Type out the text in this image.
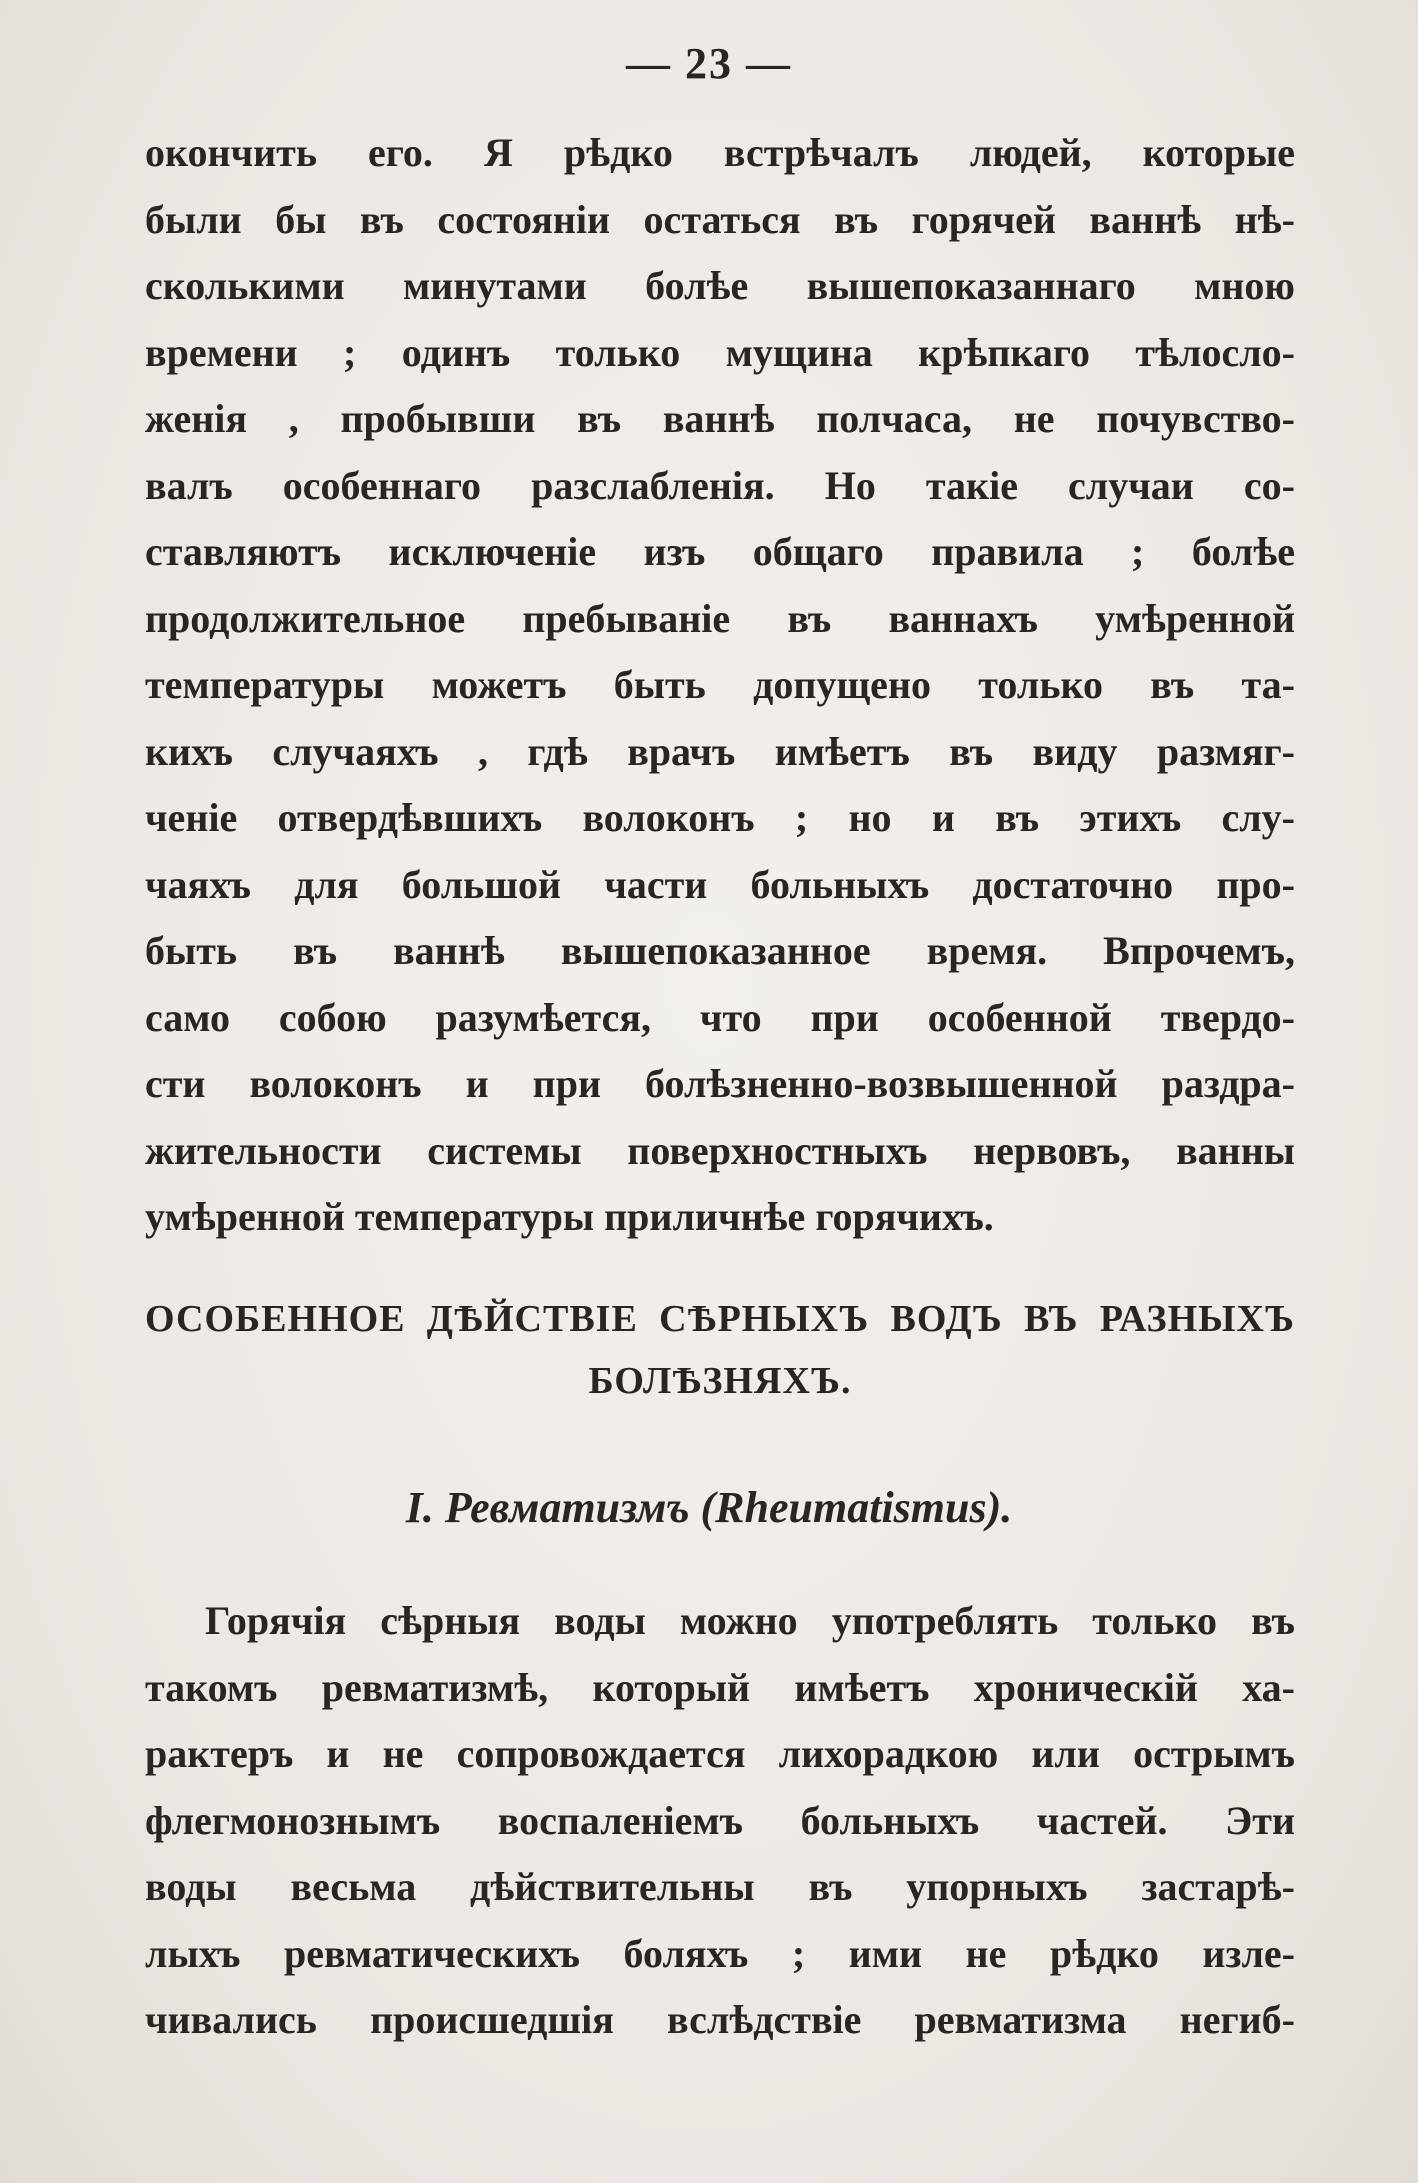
— 23 —
окончить его. Я рѣдко встрѣчалъ людей, которые
были бы въ состояніи остаться въ горячей ваннѣ нѣ-
сколькими минутами болѣе вышепоказаннаго мною
времени ; одинъ только мущина крѣпкаго тѣлосло-
женія , пробывши въ ваннѣ полчаса, не почувство-
валъ особеннаго разслабленія. Но такіе случаи со-
ставляютъ исключеніе изъ общаго правила ; болѣе
продолжительное пребываніе въ ваннахъ умѣренной
температуры можетъ быть допущено только въ та-
кихъ случаяхъ , гдѣ врачъ имѣетъ въ виду размяг-
ченіе отвердѣвшихъ волоконъ ; но и въ этихъ слу-
чаяхъ для большой части больныхъ достаточно про-
быть въ ваннѣ вышепоказанное время. Впрочемъ,
само собою разумѣется, что при особенной твердо-
сти волоконъ и при болѣзненно-возвышенной раздра-
жительности системы поверхностныхъ нервовъ, ванны
умѣренной температуры приличнѣе горячихъ.
ОСОБЕННОЕ ДѢЙСТВІЕ СѢРНЫХЪ ВОДЪ ВЪ РАЗНЫХЪ
БОЛѢЗНЯХЪ.
I. Ревматизмъ (Rheumatismus).
Горячія сѣрныя воды можно употреблять только въ
такомъ ревматизмѣ, который имѣетъ хроническій ха-
рактеръ и не сопровождается лихорадкою или острымъ
флегмонознымъ воспаленіемъ больныхъ частей. Эти
воды весьма дѣйствительны въ упорныхъ застарѣ-
лыхъ ревматическихъ боляхъ ; ими не рѣдко изле-
чивались происшедшія вслѣдствіе ревматизма негиб-
